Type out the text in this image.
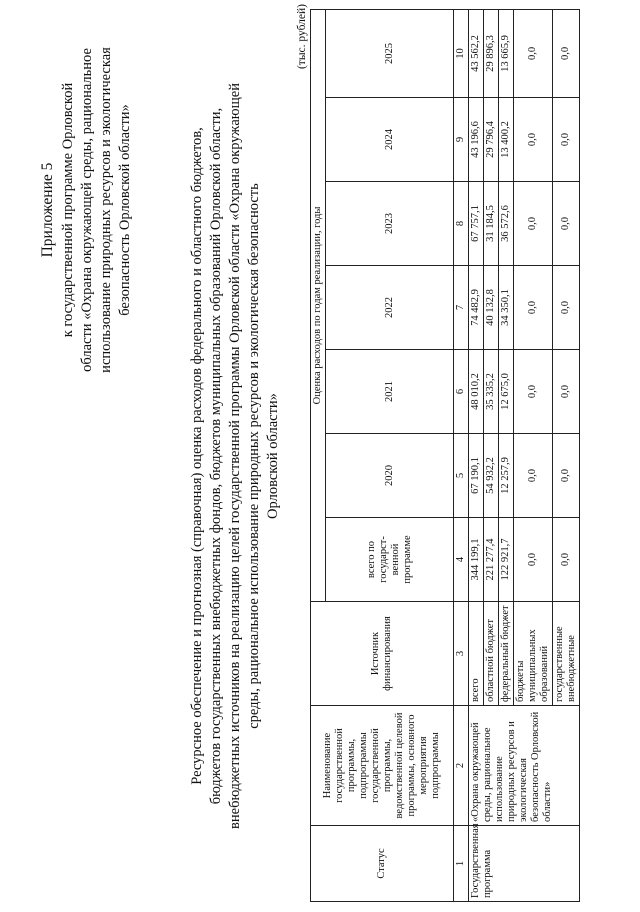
Приложение 5 к государственной программе Орловской области «Охрана окружающей среды, рациональное использование природных ресурсов и экологическая безопасность Орловской области»	Ресурсное обеспечение и прогнозная (справочная) оценка расходов федерального и областного бюджетов, бюджетов государственных внебюджетных фондов, бюджетов муниципальных образований Орловской области, внебюджетных источников на реализацию целей государственной программы Орловской области «Охрана окружающей среды, рациональное использование природных ресурсов и экологическая безопасность Орловской области»
(тыс. рублей)
Статус	Наименование государственной программы, подпрограммы государственной программы, ведомственной целевой программы, основного мероприятия подпрограммы	Источник финансирования	Оценка расходов по годам реализации, годы						
			всего по государст- венной программе	2020	2021	2022	2023	2024	2025
1	2	3	4	5	6	7	8	9	10
Государственная программа	«Охрана окружающей среды, рациональное использование природных ресурсов и экологическая безопасность Орловской области»	всего	344 199,1	67 190,1	48 010,2	74 482,9	67 757,1	43 196,6	43 562,2
		областной бюджет	221 277,4	54 932,2	35 335,2	40 132,8	31 184,5	29 796,4	29 896,3
		федеральный бюджет	122 921,7	12 257,9	12 675,0	34 350,1	36 572,6	13 400,2	13 665,9
		бюджеты муниципальных образований	0,0	0,0	0,0	0,0	0,0	0,0	0,0
		государственные внебюджетные	0,0	0,0	0,0	0,0	0,0	0,0	0,0
